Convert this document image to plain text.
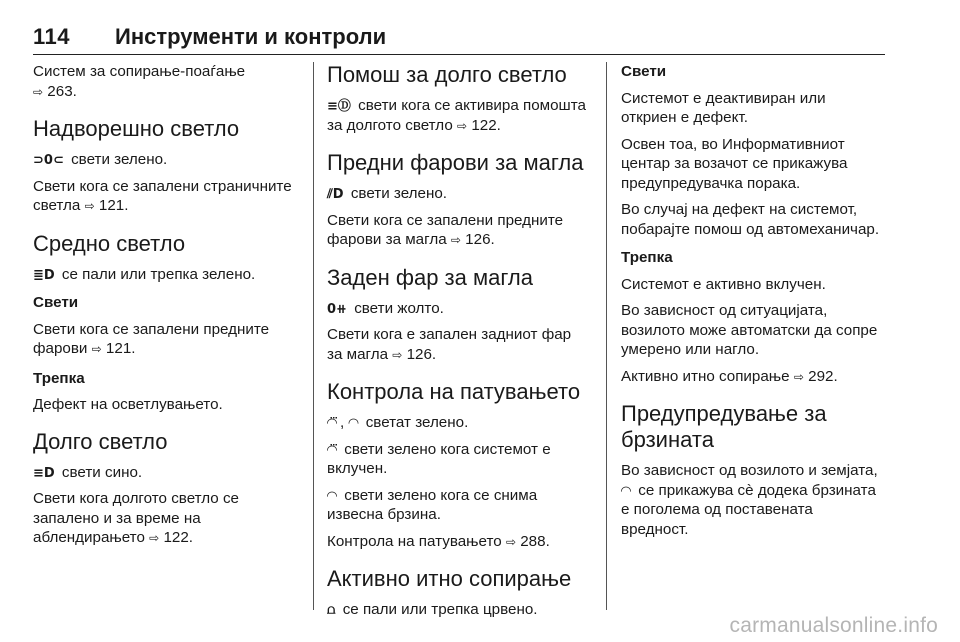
114 Инструменти и контроли

Систем за сопирање-поаѓање
⇨ 263.

Надворешно светло

⊃0⊂ свети зелено.

Свети кога се запалени страничните светла ⇨ 121.

Средно светло

≣D се пали или трепка зелено.

Свети

Свети кога се запалени предните фарови ⇨ 121.

Трепка

Дефект на осветлувањето.

Долго светло

≡D свети сино.

Свети кога долгото светло се запалено и за време на аблендирањето ⇨ 122.

Помош за долго светло

≡Ⓓ свети кога се активира помошта за долгото светло ⇨ 122.

Предни фарови за магла

⫽D свети зелено.

Свети кога се запалени предните фарови за магла ⇨ 126.

Заден фар за магла

0⧺ свети жолто.

Свети кога е запален задниот фар за магла ⇨ 126.

Контрола на патувањето

◠⃛ , ◠ светат зелено.

◠⃛ свети зелено кога системот е вклучен.

◠ свети зелено кога се снима извесна брзина.

Контрола на патувањето ⇨ 288.

Активно итно сопирање

⩍ се пали или трепка црвено.

Свети

Системот е деактивиран или откриен е дефект.

Освен тоа, во Информативниот центар за возачот се прикажува предупредувачка порака.

Во случај на дефект на системот, побарајте помош од автомеханичар.

Трепка

Системот е активно вклучен.

Во зависност од ситуацијата, возилото може автоматски да сопре умерено или нагло.

Активно итно сопирање ⇨ 292.

Предупредување за брзината

Во зависност од возилото и земјата, ◠ се прикажува сè додека брзината е поголема од поставената вредност.

carmanualsonline.info
